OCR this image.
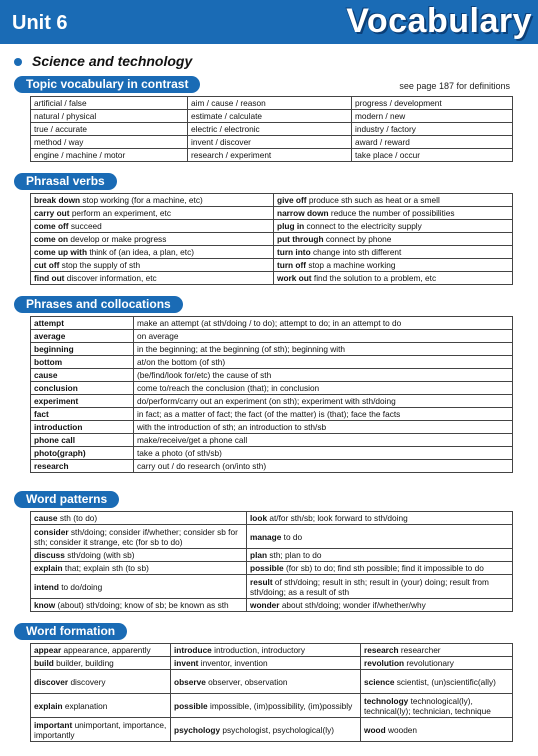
Unit 6	Vocabulary
Science and technology
Topic vocabulary in contrast	see page 187 for definitions
artificial / false	aim / cause / reason	progress / development
natural / physical	estimate / calculate	modern / new
true / accurate	electric / electronic	industry / factory
method / way	invent / discover	award / reward
engine / machine / motor	research / experiment	take place / occur
Phrasal verbs
break down stop working (for a machine, etc)	give off produce sth such as heat or a smell
carry out perform an experiment, etc	narrow down reduce the number of possibilities
come off succeed	plug in connect to the electricity supply
come on develop or make progress	put through connect by phone
come up with think of (an idea, a plan, etc)	turn into change into sth different
cut off stop the supply of sth	turn off stop a machine working
find out discover information, etc	work out find the solution to a problem, etc
Phrases and collocations
attempt	make an attempt (at sth/doing / to do); attempt to do; in an attempt to do
average	on average
beginning	in the beginning; at the beginning (of sth); beginning with
bottom	at/on the bottom (of sth)
cause	(be/find/look for/etc) the cause of sth
conclusion	come to/reach the conclusion (that); in conclusion
experiment	do/perform/carry out an experiment (on sth); experiment with sth/doing
fact	in fact; as a matter of fact; the fact (of the matter) is (that); face the facts
introduction	with the introduction of sth; an introduction to sth/sb
phone call	make/receive/get a phone call
photo(graph)	take a photo (of sth/sb)
research	carry out / do research (on/into sth)
Word patterns
cause sth (to do)	look at/for sth/sb; look forward to sth/doing
consider sth/doing; consider if/whether; consider sb for sth; consider it strange, etc (for sb to do)	manage to do
discuss sth/doing (with sb)	plan sth; plan to do
explain that; explain sth (to sb)	possible (for sb) to do; find sth possible; find it impossible to do
intend to do/doing	result of sth/doing; result in sth; result in (your) doing; result from sth/doing; as a result of sth
know (about) sth/doing; know of sb; be known as sth	wonder about sth/doing; wonder if/whether/why
Word formation
appear appearance, apparently	introduce introduction, introductory	research researcher
build builder, building	invent inventor, invention	revolution revolutionary
discover discovery	observe observer, observation	science scientist, (un)scientific(ally)
explain explanation	possible impossible, (im)possibility, (im)possibly	technology technological(ly), technical(ly); technician, technique
important unimportant, importance, importantly	psychology psychologist, psychological(ly)	wood wooden
